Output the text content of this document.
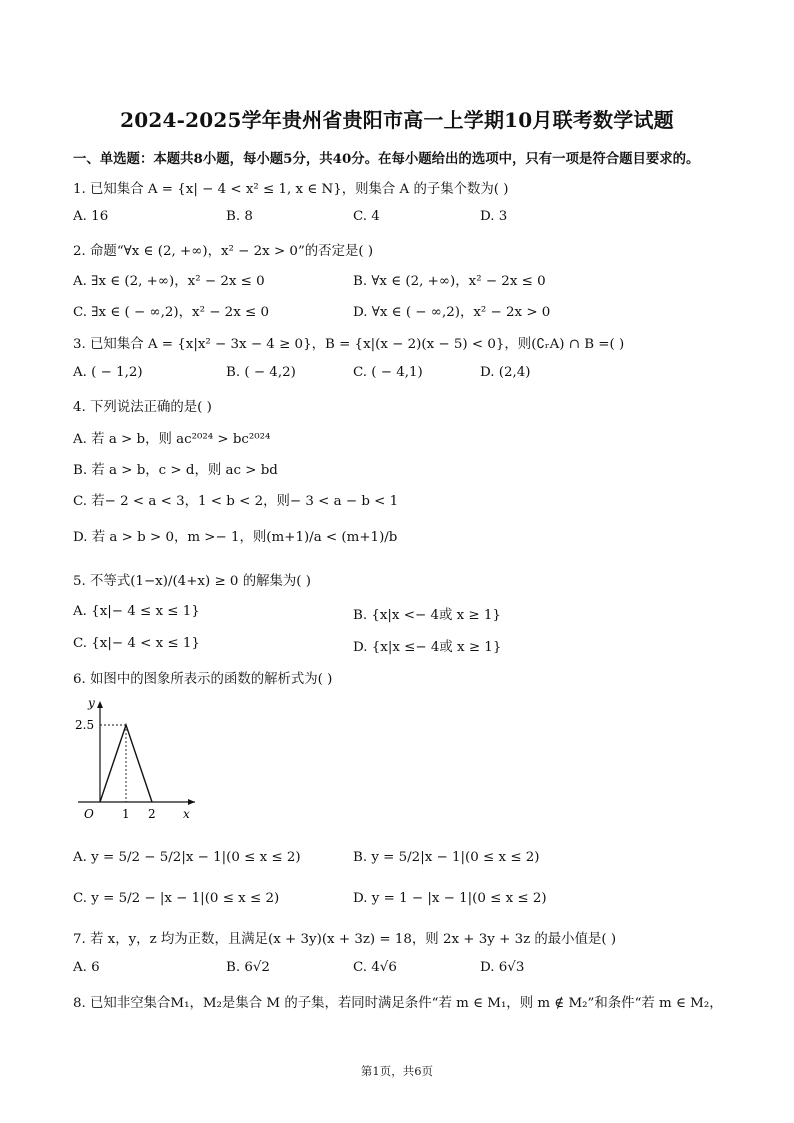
2024-2025学年贵州省贵阳市高一上学期10月联考数学试题
一、单选题：本题共8小题，每小题5分，共40分。在每小题给出的选项中，只有一项是符合题目要求的。
1. 已知集合 A = {x| − 4 < x² ≤ 1, x ∈ N}，则集合 A 的子集个数为( )
A. 16	B. 8	C. 4	D. 3
2. 命题“∀x ∈ (2, +∞)，x² − 2x > 0”的否定是( )
A. ∃x ∈ (2, +∞)，x² − 2x ≤ 0	B. ∀x ∈ (2, +∞)，x² − 2x ≤ 0
C. ∃x ∈ ( − ∞,2)，x² − 2x ≤ 0	D. ∀x ∈ ( − ∞,2)，x² − 2x > 0
3. 已知集合 A = {x|x² − 3x − 4 ≥ 0}，B = {x|(x − 2)(x − 5) < 0}，则(∁ᵣA) ∩ B =( )
A. ( − 1,2)	B. ( − 4,2)	C. ( − 4,1)	D. (2,4)
4. 下列说法正确的是( )
A. 若 a > b，则 ac²⁰²⁴ > bc²⁰²⁴
B. 若 a > b，c > d，则 ac > bd
C. 若− 2 < a < 3，1 < b < 2，则− 3 < a − b < 1
D. 若 a > b > 0，m >− 1，则(m+1)/a < (m+1)/b
5. 不等式(1−x)/(4+x) ≥ 0 的解集为( )
A. {x|− 4 ≤ x ≤ 1}	B. {x|x <− 4或 x ≥ 1}
C. {x|− 4 < x ≤ 1}	D. {x|x ≤− 4或 x ≥ 1}
6. 如图中的图象所表示的函数的解析式为( )
y
x
O
2.5
1 2
A. y = 5/2 − 5/2|x − 1|(0 ≤ x ≤ 2)	B. y = 5/2|x − 1|(0 ≤ x ≤ 2)
C. y = 5/2 − |x − 1|(0 ≤ x ≤ 2)	D. y = 1 − |x − 1|(0 ≤ x ≤ 2)
7. 若 x，y，z 均为正数，且满足(x + 3y)(x + 3z) = 18，则 2x + 3y + 3z 的最小值是( )
A. 6	B. 6√2	C. 4√6	D. 6√3
8. 已知非空集合M₁，M₂是集合 M 的子集，若同时满足条件“若 m ∈ M₁，则 m ∉ M₂”和条件“若 m ∈ M₂，
第1页，共6页
